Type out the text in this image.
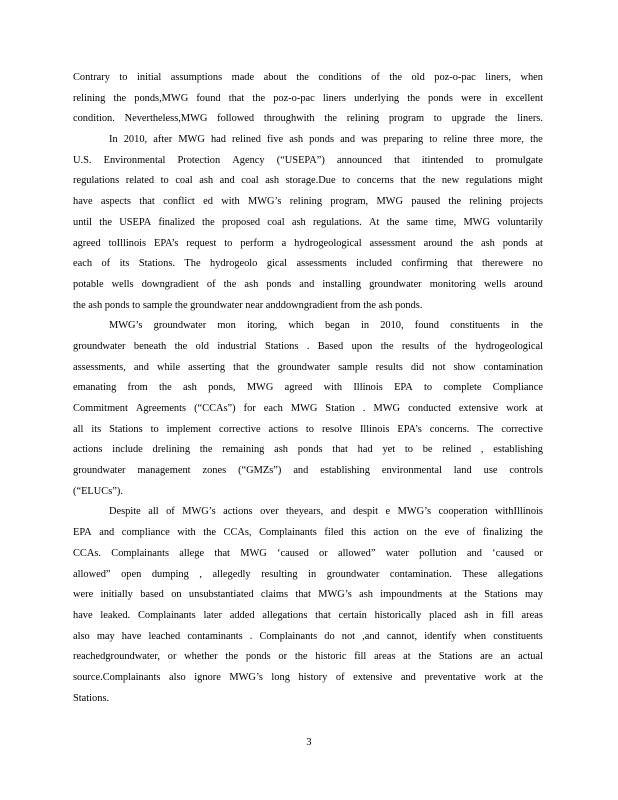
Contrary to initial assumptions made about the conditions of the old poz-o-pac liners, when
relining the ponds,MWG found that the poz-o-pac liners underlying the ponds were in excellent
condition. Nevertheless,MWG followed throughwith the relining program to upgrade the liners.
In 2010, after MWG had relined five ash ponds and was preparing to reline three more, the
U.S. Environmental Protection Agency (“USEPA”) announced that itintended to promulgate
regulations related to coal ash and coal ash storage.Due to concerns that the new regulations might
have aspects that conflict ed with MWG’s relining program, MWG paused the relining projects
until the USEPA finalized the proposed coal ash regulations. At the same time, MWG voluntarily
agreed toIllinois EPA’s request to perform a hydrogeological assessment around the ash ponds at
each of its Stations. The hydrogeolo gical assessments included confirming that therewere no
potable wells downgradient of the ash ponds and installing groundwater monitoring wells around
the ash ponds to sample the groundwater near anddowngradient from the ash ponds.
MWG’s groundwater mon itoring, which began in 2010, found constituents in the
groundwater beneath the old industrial Stations . Based upon the results of the hydrogeological
assessments, and while asserting that the groundwater sample results did not show contamination
emanating from the ash ponds, MWG agreed with Illinois EPA to complete Compliance
Commitment Agreements (“CCAs”) for each MWG Station . MWG conducted extensive work at
all its Stations to implement corrective actions to resolve Illinois EPA’s concerns. The corrective
actions include drelining the remaining ash ponds that had yet to be relined , establishing
groundwater management zones (“GMZs”) and establishing environmental land use controls
(“ELUCs”).
Despite all of MWG’s actions over theyears, and despit e MWG’s cooperation withIllinois
EPA and compliance with the CCAs, Complainants filed this action on the eve of finalizing the
CCAs. Complainants allege that MWG ‘caused or allowed” water pollution and ‘caused or
allowed” open dumping , allegedly resulting in groundwater contamination. These allegations
were initially based on unsubstantiated claims that MWG’s ash impoundments at the Stations may
have leaked. Complainants later added allegations that certain historically placed ash in fill areas
also may have leached contaminants . Complainants do not ,and cannot, identify when constituents
reachedgroundwater, or whether the ponds or the historic fill areas at the Stations are an actual
source.Complainants also ignore MWG’s long history of extensive and preventative work at the
Stations.
3
